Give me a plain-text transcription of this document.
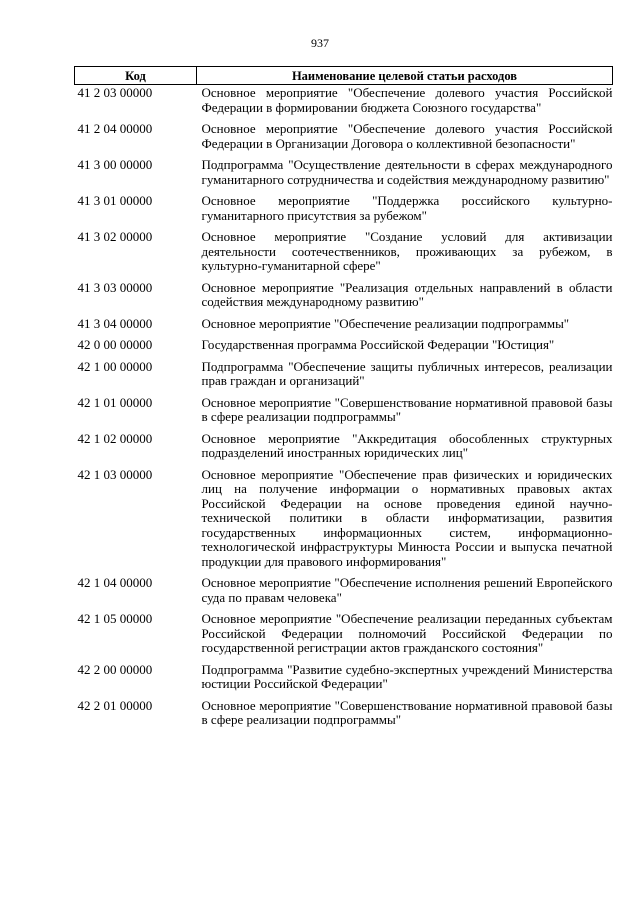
937
Код	Наименование целевой статьи расходов
41 2 03 00000	Основное мероприятие "Обеспечение долевого участия Российской Федерации в формировании бюджета Союзного государства"
41 2 04 00000	Основное мероприятие "Обеспечение долевого участия Российской Федерации в Организации Договора о коллективной безопасности"
41 3 00 00000	Подпрограмма "Осуществление деятельности в сферах международного гуманитарного сотрудничества и содействия международному развитию"
41 3 01 00000	Основное мероприятие "Поддержка российского культурно-гуманитарного присутствия за рубежом"
41 3 02 00000	Основное мероприятие "Создание условий для активизации деятельности соотечественников, проживающих за рубежом, в культурно-гуманитарной сфере"
41 3 03 00000	Основное мероприятие "Реализация отдельных направлений в области содействия международному развитию"
41 3 04 00000	Основное мероприятие "Обеспечение реализации подпрограммы"
42 0 00 00000	Государственная программа Российской Федерации "Юстиция"
42 1 00 00000	Подпрограмма "Обеспечение защиты публичных интересов, реализации прав граждан и организаций"
42 1 01 00000	Основное мероприятие "Совершенствование нормативной правовой базы в сфере реализации подпрограммы"
42 1 02 00000	Основное мероприятие "Аккредитация обособленных структурных подразделений иностранных юридических лиц"
42 1 03 00000	Основное мероприятие "Обеспечение прав физических и юридических лиц на получение информации о нормативных правовых актах Российской Федерации на основе проведения единой научно-технической политики в области информатизации, развития государственных информационных систем, информационно-технологической инфраструктуры Минюста России и выпуска печатной продукции для правового информирования"
42 1 04 00000	Основное мероприятие "Обеспечение исполнения решений Европейского суда по правам человека"
42 1 05 00000	Основное мероприятие "Обеспечение реализации переданных субъектам Российской Федерации полномочий Российской Федерации по государственной регистрации актов гражданского состояния"
42 2 00 00000	Подпрограмма "Развитие судебно-экспертных учреждений Министерства юстиции Российской Федерации"
42 2 01 00000	Основное мероприятие "Совершенствование нормативной правовой базы в сфере реализации подпрограммы"
